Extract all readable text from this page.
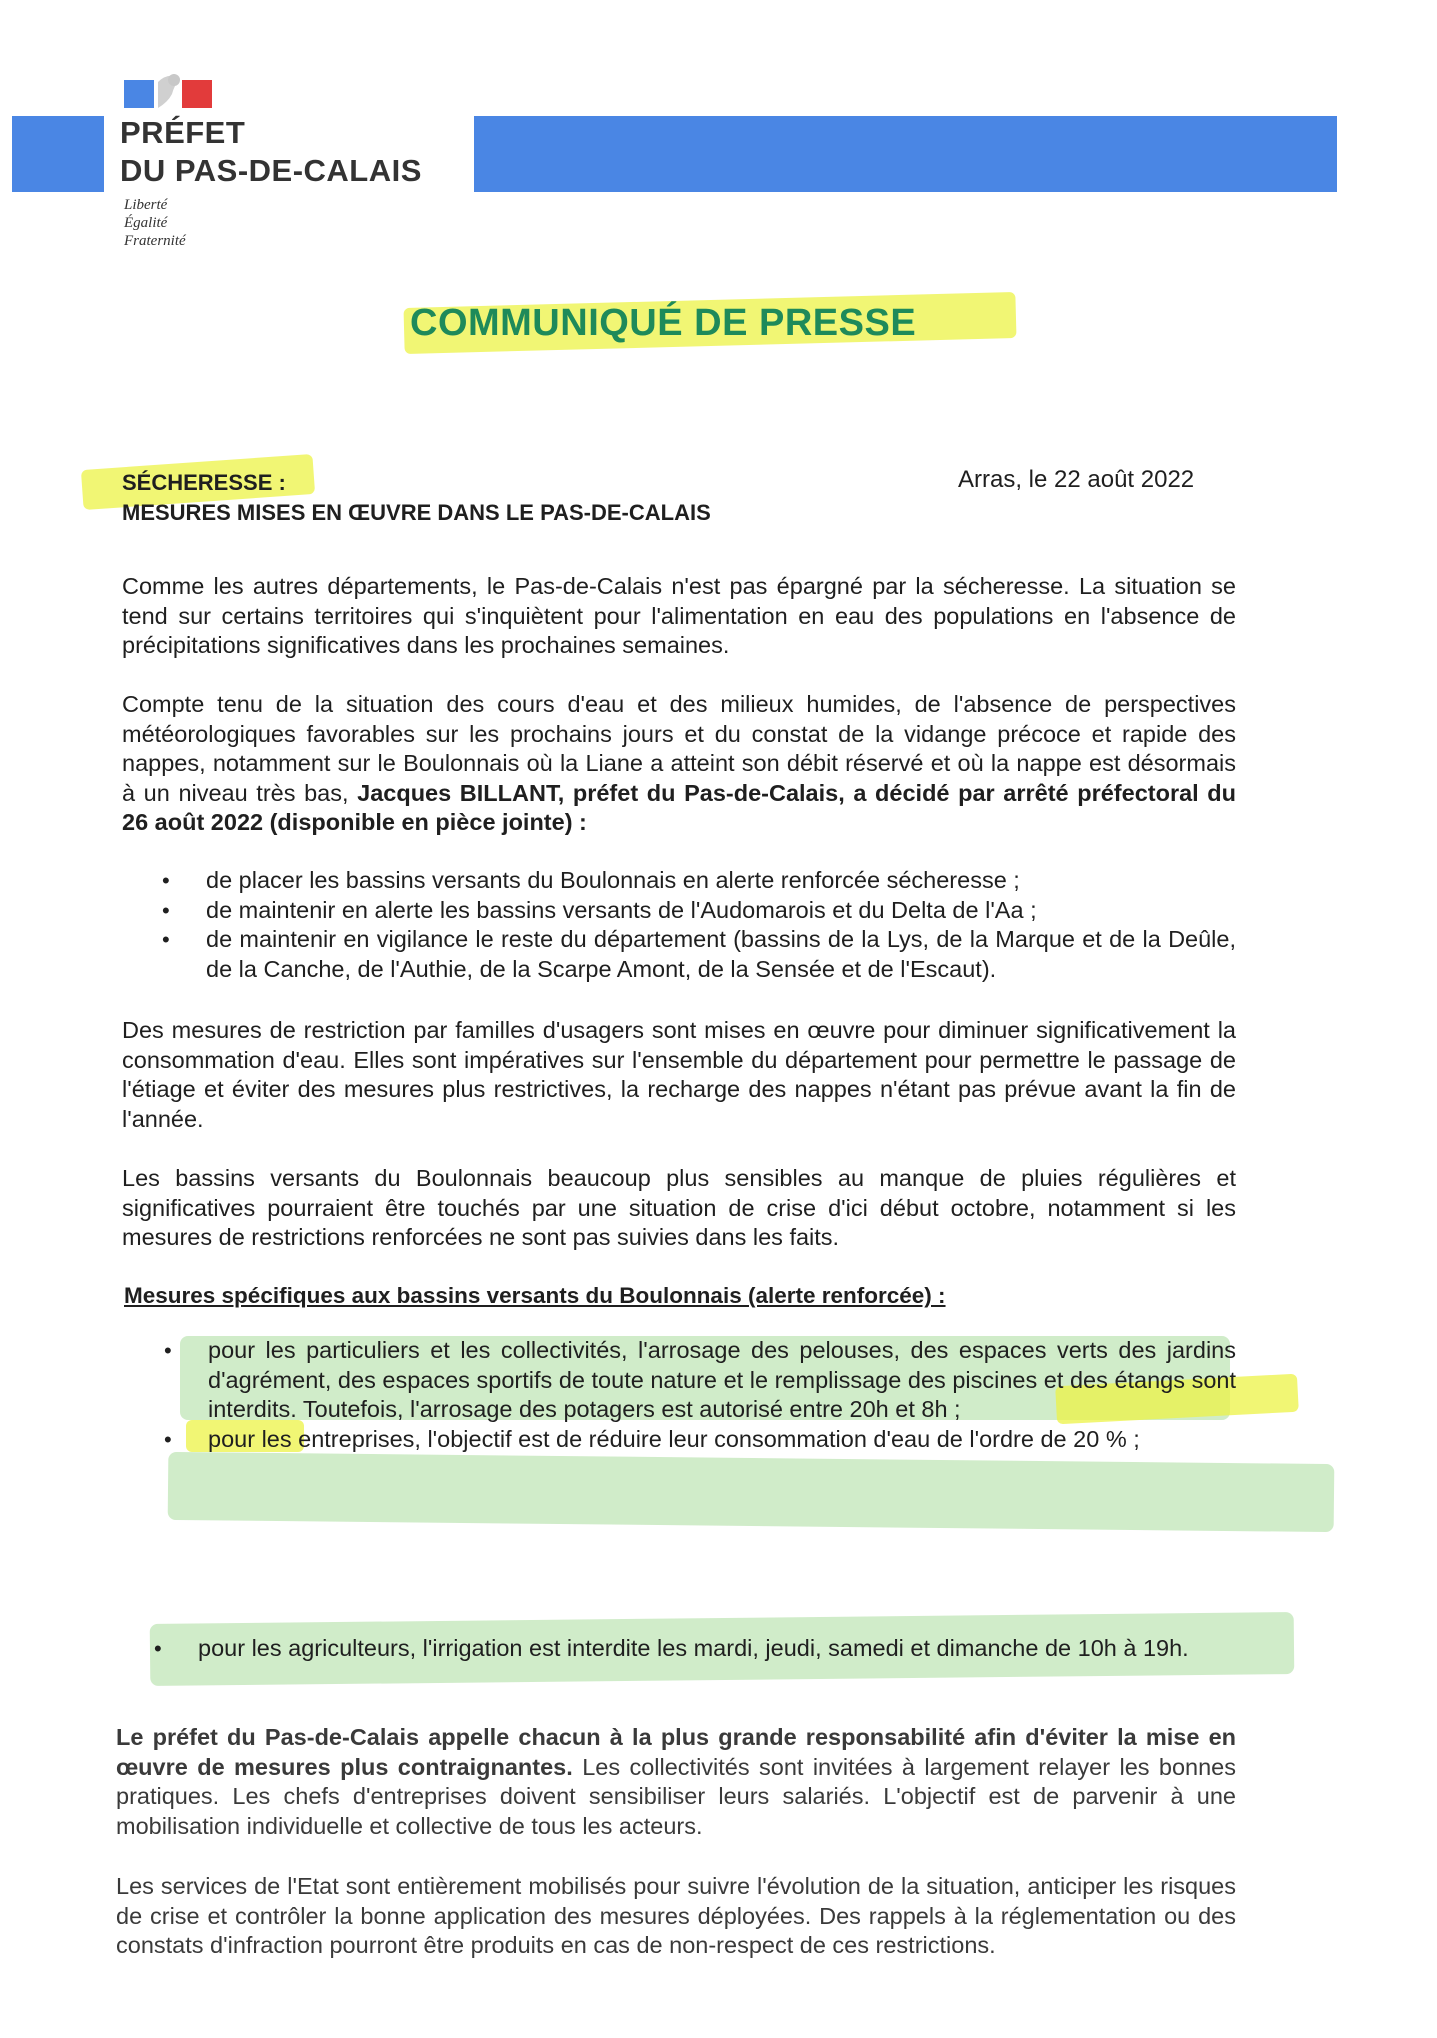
PRÉFET
DU PAS-DE-CALAIS
Liberté
Égalité
Fraternité
COMMUNIQUÉ DE PRESSE
SÉCHERESSE :
MESURES MISES EN ŒUVRE DANS LE PAS-DE-CALAIS
Arras, le 22 août 2022
Comme les autres départements, le Pas-de-Calais n'est pas épargné par la sécheresse. La situation se tend sur certains territoires qui s'inquiètent pour l'alimentation en eau des populations en l'absence de précipitations significatives dans les prochaines semaines.
Compte tenu de la situation des cours d'eau et des milieux humides, de l'absence de perspectives météorologiques favorables sur les prochains jours et du constat de la vidange précoce et rapide des nappes, notamment sur le Boulonnais où la Liane a atteint son débit réservé et où la nappe est désormais à un niveau très bas, Jacques BILLANT, préfet du Pas-de-Calais, a décidé par arrêté préfectoral du 26 août 2022 (disponible en pièce jointe) :
• de placer les bassins versants du Boulonnais en alerte renforcée sécheresse ;
• de maintenir en alerte les bassins versants de l'Audomarois et du Delta de l'Aa ;
• de maintenir en vigilance le reste du département (bassins de la Lys, de la Marque et de la Deûle, de la Canche, de l'Authie, de la Scarpe Amont, de la Sensée et de l'Escaut).
Des mesures de restriction par familles d'usagers sont mises en œuvre pour diminuer significativement la consommation d'eau. Elles sont impératives sur l'ensemble du département pour permettre le passage de l'étiage et éviter des mesures plus restrictives, la recharge des nappes n'étant pas prévue avant la fin de l'année.
Les bassins versants du Boulonnais beaucoup plus sensibles au manque de pluies régulières et significatives pourraient être touchés par une situation de crise d'ici début octobre, notamment si les mesures de restrictions renforcées ne sont pas suivies dans les faits.
Mesures spécifiques aux bassins versants du Boulonnais (alerte renforcée) :
• pour les particuliers et les collectivités, l'arrosage des pelouses, des espaces verts des jardins d'agrément, des espaces sportifs de toute nature et le remplissage des piscines et des étangs sont interdits. Toutefois, l'arrosage des potagers est autorisé entre 20h et 8h ;
• pour les entreprises, l'objectif est de réduire leur consommation d'eau de l'ordre de 20 % ;
• pour les agriculteurs, l'irrigation est interdite les mardi, jeudi, samedi et dimanche de 10h à 19h.
Le préfet du Pas-de-Calais appelle chacun à la plus grande responsabilité afin d'éviter la mise en œuvre de mesures plus contraignantes. Les collectivités sont invitées à largement relayer les bonnes pratiques. Les chefs d'entreprises doivent sensibiliser leurs salariés. L'objectif est de parvenir à une mobilisation individuelle et collective de tous les acteurs.
Les services de l'Etat sont entièrement mobilisés pour suivre l'évolution de la situation, anticiper les risques de crise et contrôler la bonne application des mesures déployées. Des rappels à la réglementation ou des constats d'infraction pourront être produits en cas de non-respect de ces restrictions.
